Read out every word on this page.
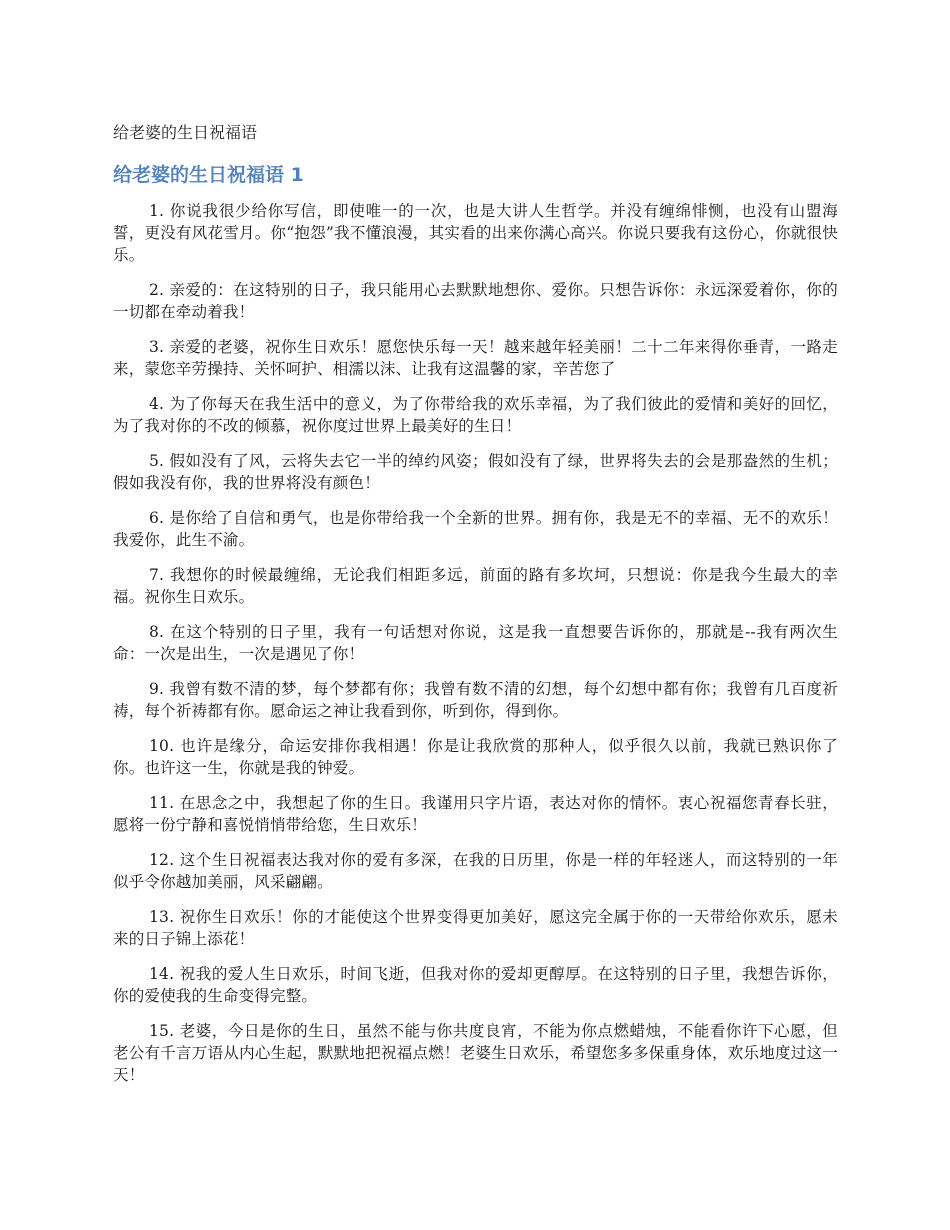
给老婆的生日祝福语
给老婆的生日祝福语 1

1. 你说我很少给你写信，即使唯一的一次，也是大讲人生哲学。并没有缠绵悱恻，也没有山盟海誓，更没有风花雪月。你“抱怨”我不懂浪漫，其实看的出来你满心高兴。你说只要我有这份心，你就很快乐。

2. 亲爱的：在这特别的日子，我只能用心去默默地想你、爱你。只想告诉你：永远深爱着你，你的一切都在牵动着我！

3. 亲爱的老婆，祝你生日欢乐！愿您快乐每一天！越来越年轻美丽！二十二年来得你垂青，一路走来，蒙您辛劳操持、关怀呵护、相濡以沫、让我有这温馨的家，辛苦您了

4. 为了你每天在我生活中的意义，为了你带给我的欢乐幸福，为了我们彼此的爱情和美好的回忆，为了我对你的不改的倾慕，祝你度过世界上最美好的生日！

5. 假如没有了风，云将失去它一半的绰约风姿；假如没有了绿，世界将失去的会是那盎然的生机；假如我没有你，我的世界将没有颜色！

6. 是你给了自信和勇气，也是你带给我一个全新的世界。拥有你，我是无不的幸福、无不的欢乐！我爱你，此生不渝。

7. 我想你的时候最缠绵，无论我们相距多远，前面的路有多坎坷，只想说：你是我今生最大的幸福。祝你生日欢乐。

8. 在这个特别的日子里，我有一句话想对你说，这是我一直想要告诉你的，那就是--我有两次生命：一次是出生，一次是遇见了你！

9. 我曾有数不清的梦，每个梦都有你；我曾有数不清的幻想，每个幻想中都有你；我曾有几百度祈祷，每个祈祷都有你。愿命运之神让我看到你，听到你，得到你。

10. 也许是缘分，命运安排你我相遇！你是让我欣赏的那种人，似乎很久以前，我就已熟识你了你。也许这一生，你就是我的钟爱。

11. 在思念之中，我想起了你的生日。我谨用只字片语，表达对你的情怀。衷心祝福您青春长驻，愿将一份宁静和喜悦悄悄带给您，生日欢乐！

12. 这个生日祝福表达我对你的爱有多深，在我的日历里，你是一样的年轻迷人，而这特别的一年似乎令你越加美丽，风采翩翩。

13. 祝你生日欢乐！你的才能使这个世界变得更加美好，愿这完全属于你的一天带给你欢乐，愿未来的日子锦上添花！

14. 祝我的爱人生日欢乐，时间飞逝，但我对你的爱却更醇厚。在这特别的日子里，我想告诉你，你的爱使我的生命变得完整。

15. 老婆，今日是你的生日，虽然不能与你共度良宵，不能为你点燃蜡烛，不能看你许下心愿，但老公有千言万语从内心生起，默默地把祝福点燃！老婆生日欢乐，希望您多多保重身体，欢乐地度过这一天！
